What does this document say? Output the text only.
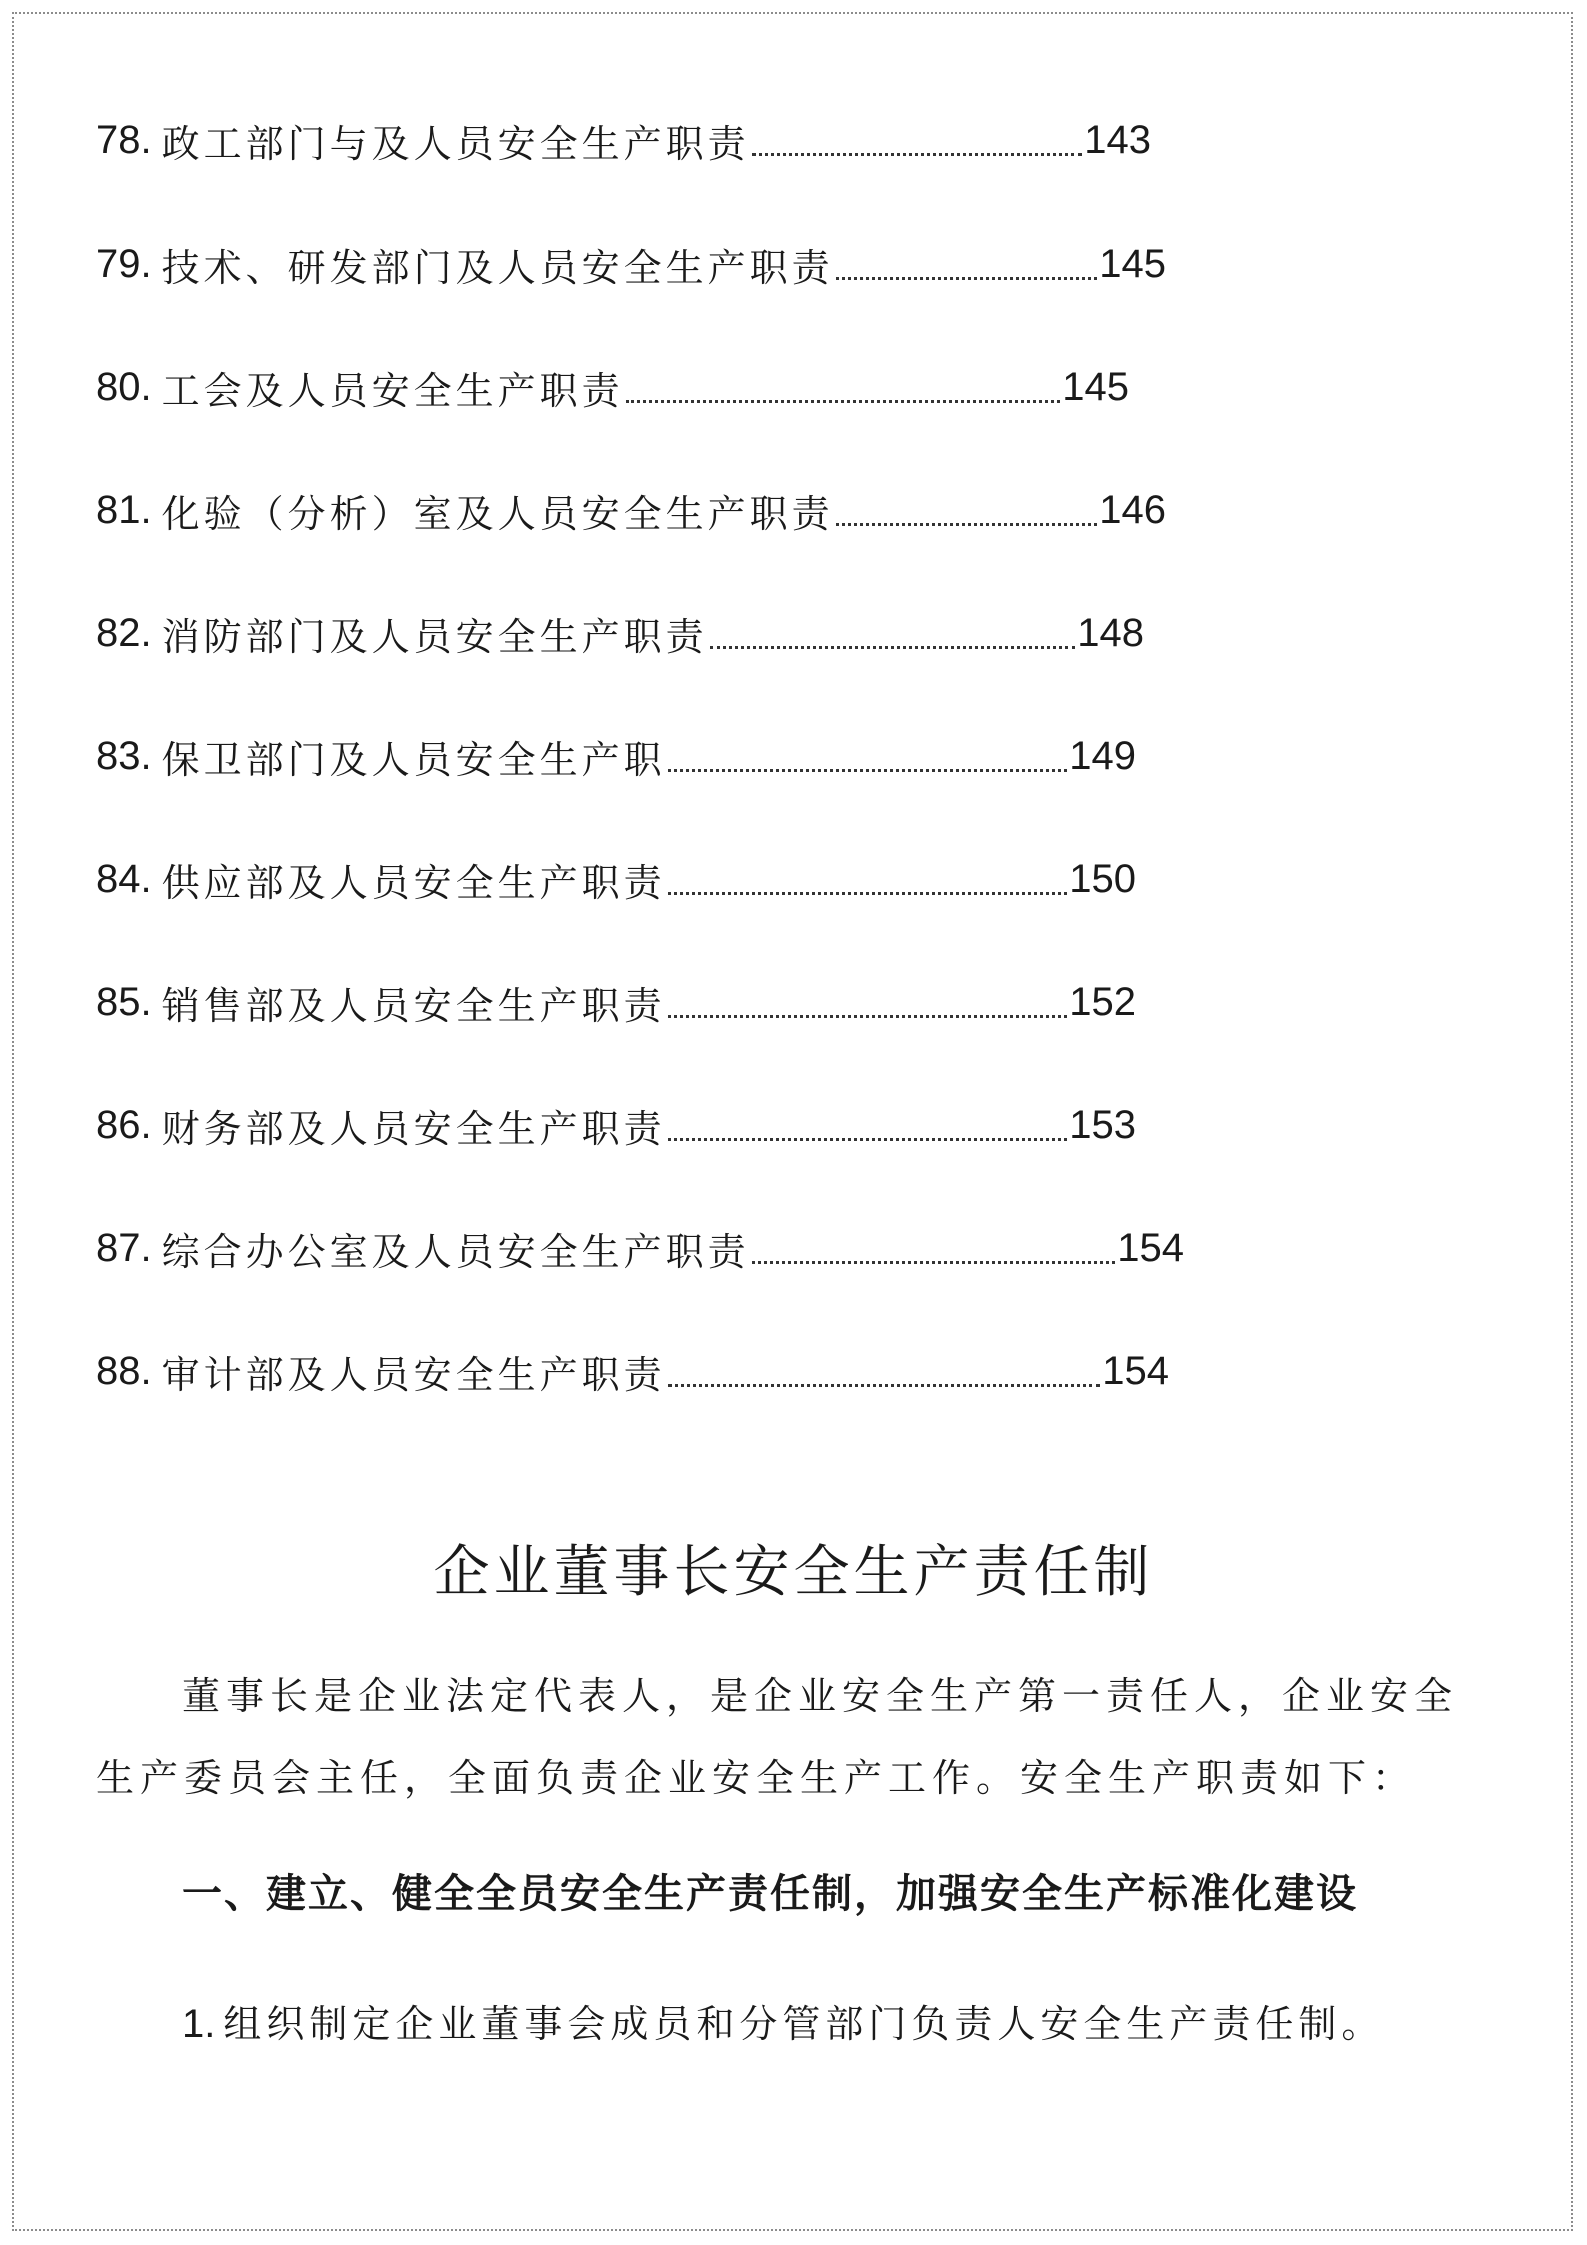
78. 政工部门与及人员安全生产职责	143
79. 技术、研发部门及人员安全生产职责	145
80. 工会及人员安全生产职责	145
81. 化验（分析）室及人员安全生产职责	146
82. 消防部门及人员安全生产职责	148
83. 保卫部门及人员安全生产职	149
84. 供应部及人员安全生产职责	150
85. 销售部及人员安全生产职责	152
86. 财务部及人员安全生产职责	153
87. 综合办公室及人员安全生产职责	154
88. 审计部及人员安全生产职责	154
企业董事长安全生产责任制

董事长是企业法定代表人，是企业安全生产第一责任人，企业安全生产委员会主任，全面负责企业安全生产工作。安全生产职责如下：

一、建立、健全全员安全生产责任制，加强安全生产标准化建设

1. 组织制定企业董事会成员和分管部门负责人安全生产责任制。
